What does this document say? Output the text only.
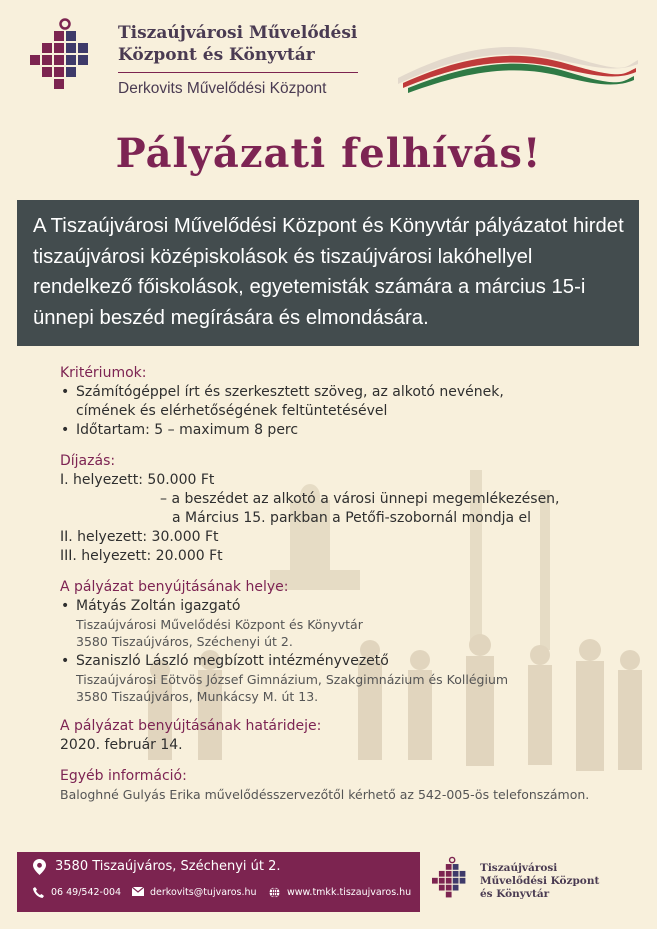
Tiszaújvárosi Művelődési
Központ és Könyvtár
Derkovits Művelődési Központ
Pályázati felhívás!
A Tiszaújvárosi Művelődési Központ és Könyvtár pályázatot hirdet tiszaújvárosi középiskolások és tiszaújvárosi lakóhellyel rendelkező főiskolások, egyetemisták számára a március 15-i ünnepi beszéd megírására és elmondására.
Kritériumok:
• Számítógéppel írt és szerkesztett szöveg, az alkotó nevének,
címének és elérhetőségének feltüntetésével
• Időtartam: 5 – maximum 8 perc
Díjazás:
I. helyezett: 50.000 Ft
– a beszédet az alkotó a városi ünnepi megemlékezésen,
a Március 15. parkban a Petőfi-szobornál mondja el
II. helyezett: 30.000 Ft
III. helyezett: 20.000 Ft
A pályázat benyújtásának helye:
• Mátyás Zoltán igazgató
Tiszaújvárosi Művelődési Központ és Könyvtár
3580 Tiszaújváros, Széchenyi út 2.
• Szaniszló László megbízott intézményvezető
Tiszaújvárosi Eötvös József Gimnázium, Szakgimnázium és Kollégium
3580 Tiszaújváros, Munkácsy M. út 13.
A pályázat benyújtásának határideje:
2020. február 14.
Egyéb információ:
Baloghné Gulyás Erika művelődésszervezőtől kérhető az 542-005-ös telefonszámon.
3580 Tiszaújváros, Széchenyi út 2.
06 49/542-004	derkovits@tujvaros.hu	www.tmkk.tiszaujvaros.hu
Tiszaújvárosi
Művelődési Központ
és Könyvtár
